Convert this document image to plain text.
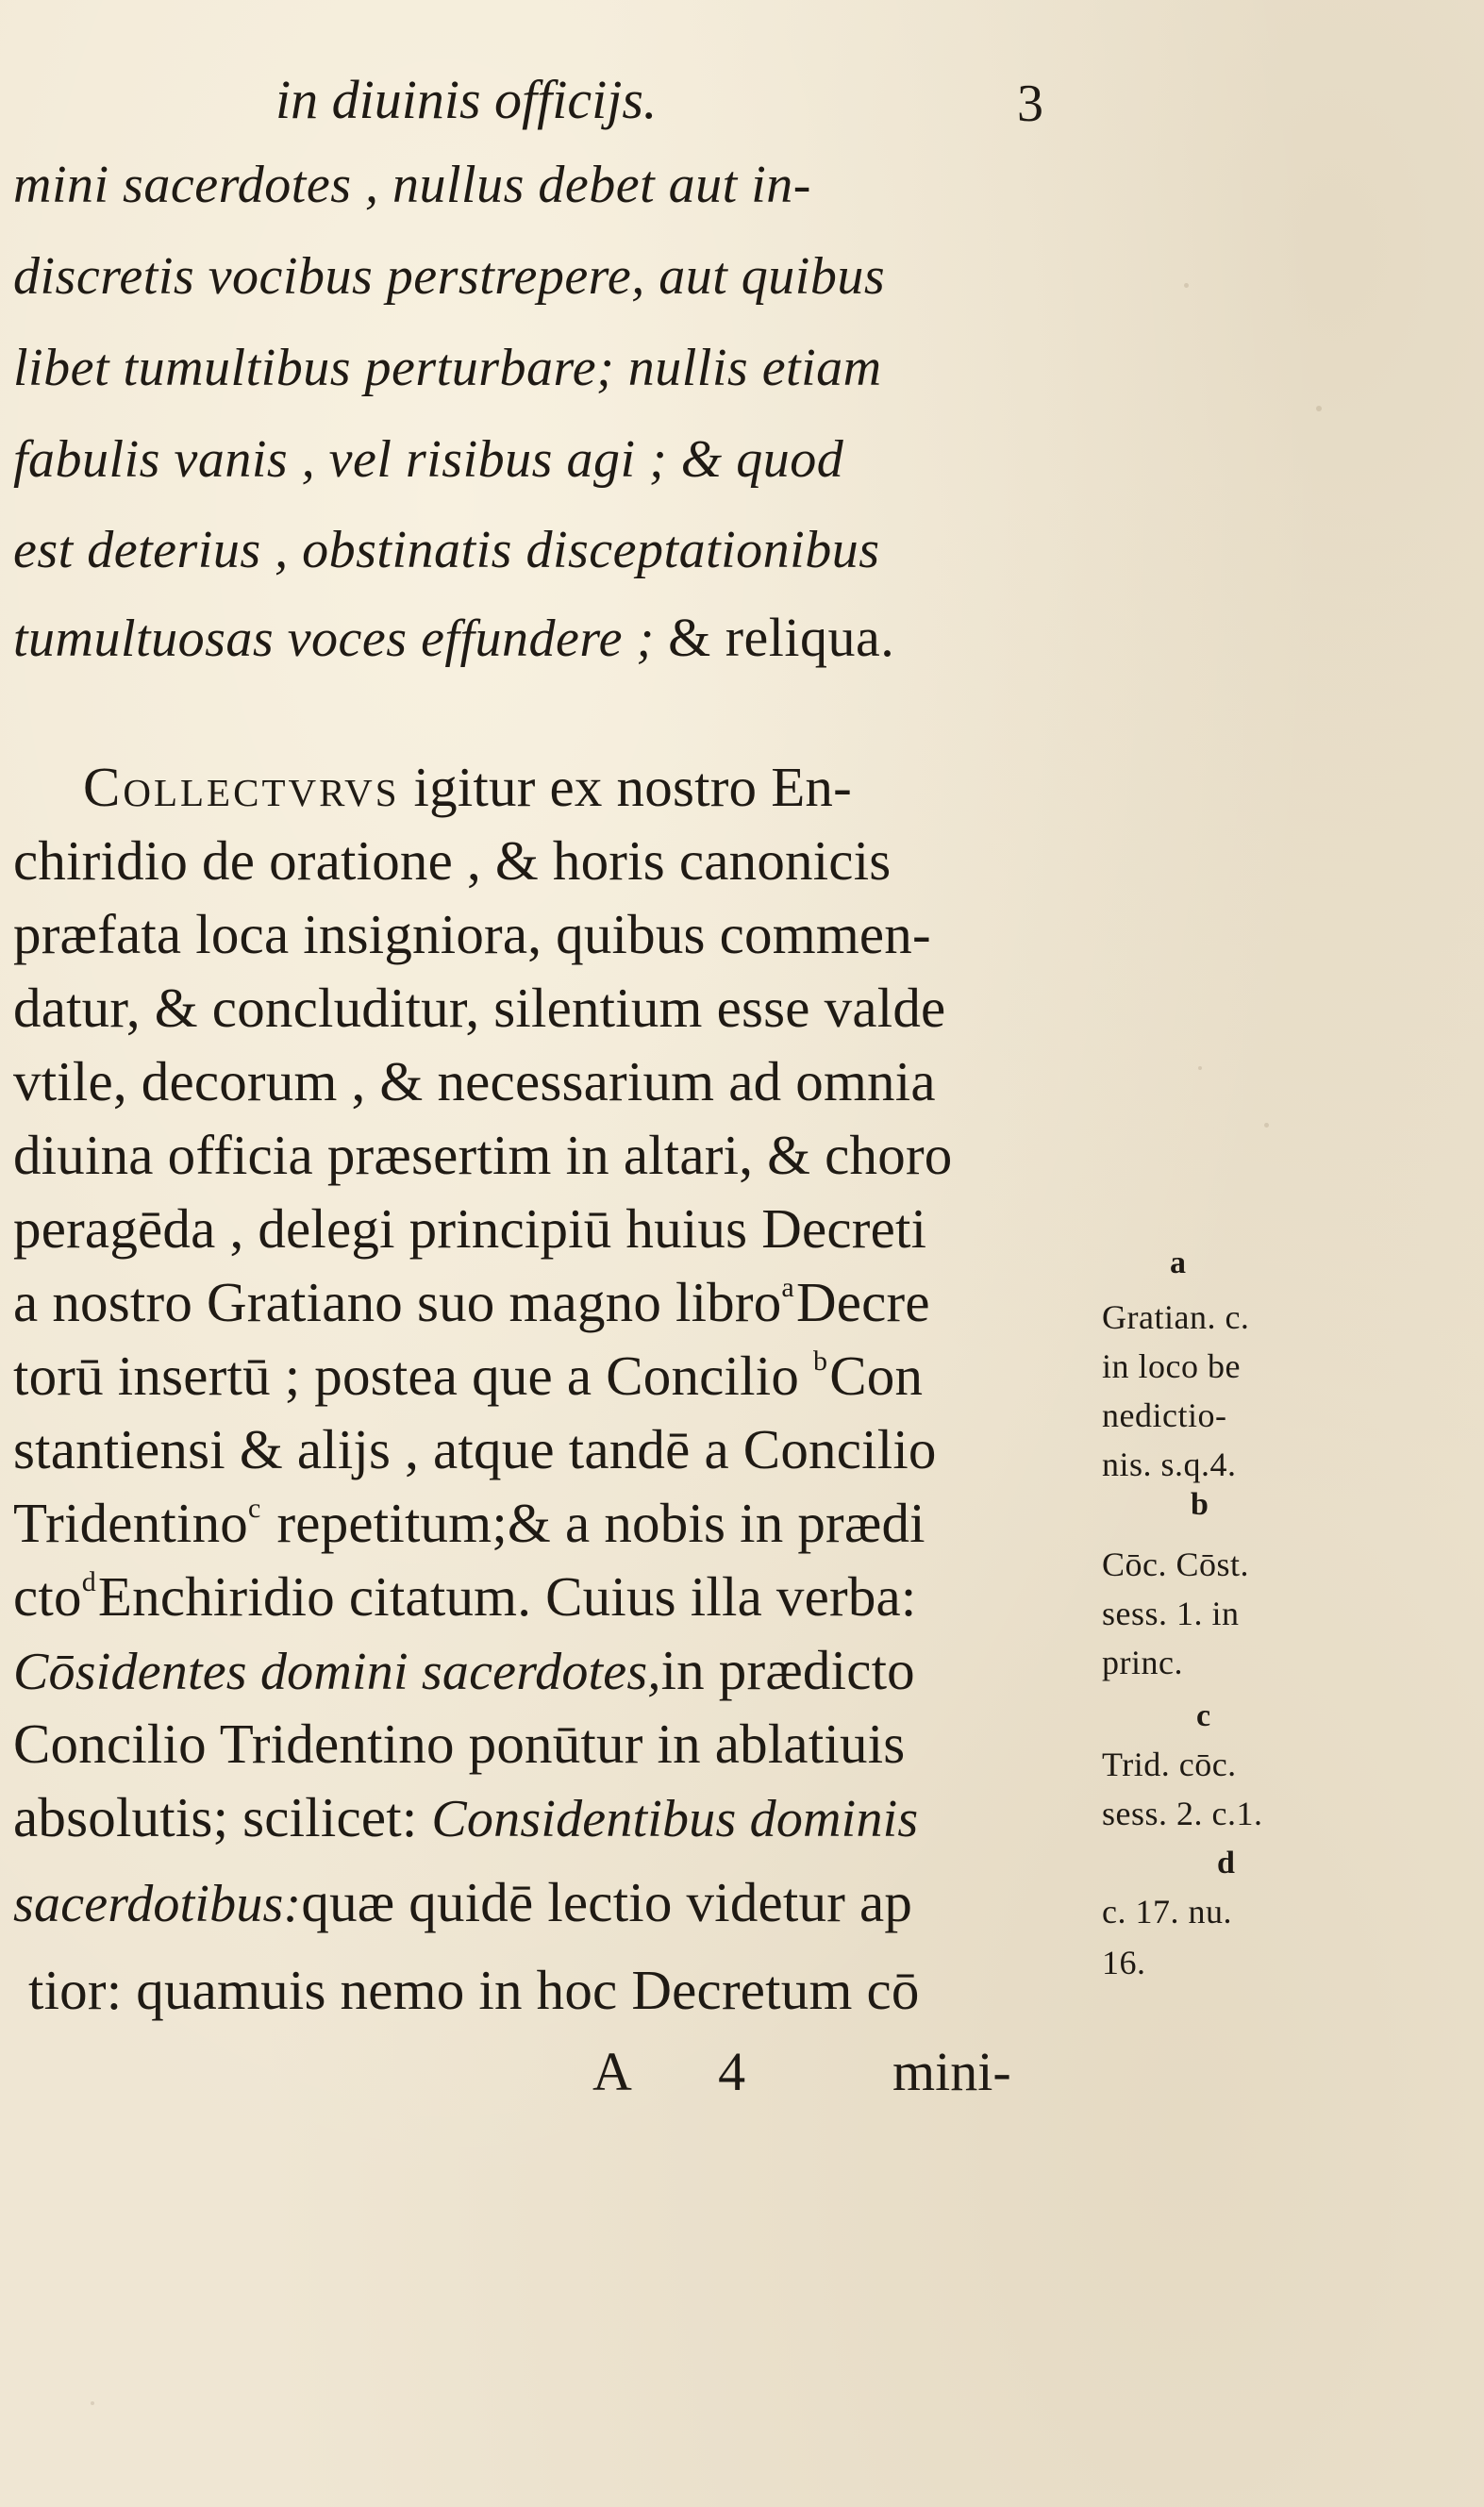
in diuinis officijs.	3
mini sacerdotes , nullus debet aut in-
discretis vocibus perstrepere, aut quibus
libet tumultibus perturbare; nullis etiam
fabulis vanis , vel risibus agi ; & quod
est deterius , obstinatis disceptationibus
tumultuosas voces effundere ; & reliqua.
Collectvrvs igitur ex nostro En-
chiridio de oratione , & horis canonicis
præfata loca insigniora, quibus commen-
datur, & concluditur, silentium esse valde
vtile, decorum , & necessarium ad omnia
diuina officia præsertim in altari, & choro
peragēda , delegi principiū huius Decreti
a nostro Gratiano suo magno libro$^a$Decre
torū insertū ; postea que a Concilio $^b$Con
stantiensi & alijs , atque tandē a Concilio
Tridentino$^c$ repetitum;& a nobis in prædi
cto$^d$Enchiridio citatum. Cuius illa verba:
Cōsidentes domini sacerdotes,in prædicto
Concilio Tridentino ponūtur in ablatiuis
absolutis; scilicet: Considentibus dominis
sacerdotibus:quæ quidē lectio videtur ap
tior: quamuis nemo in hoc Decretum cō
a
Gratian. c.
in loco be
nedictio-
nis. s.q.4.
b
Cōc. Cōst.
sess. 1. in
princ.
c
Trid. cōc.
sess. 2. c.1.
d
c. 17. nu.
16.
A 4 mini-
